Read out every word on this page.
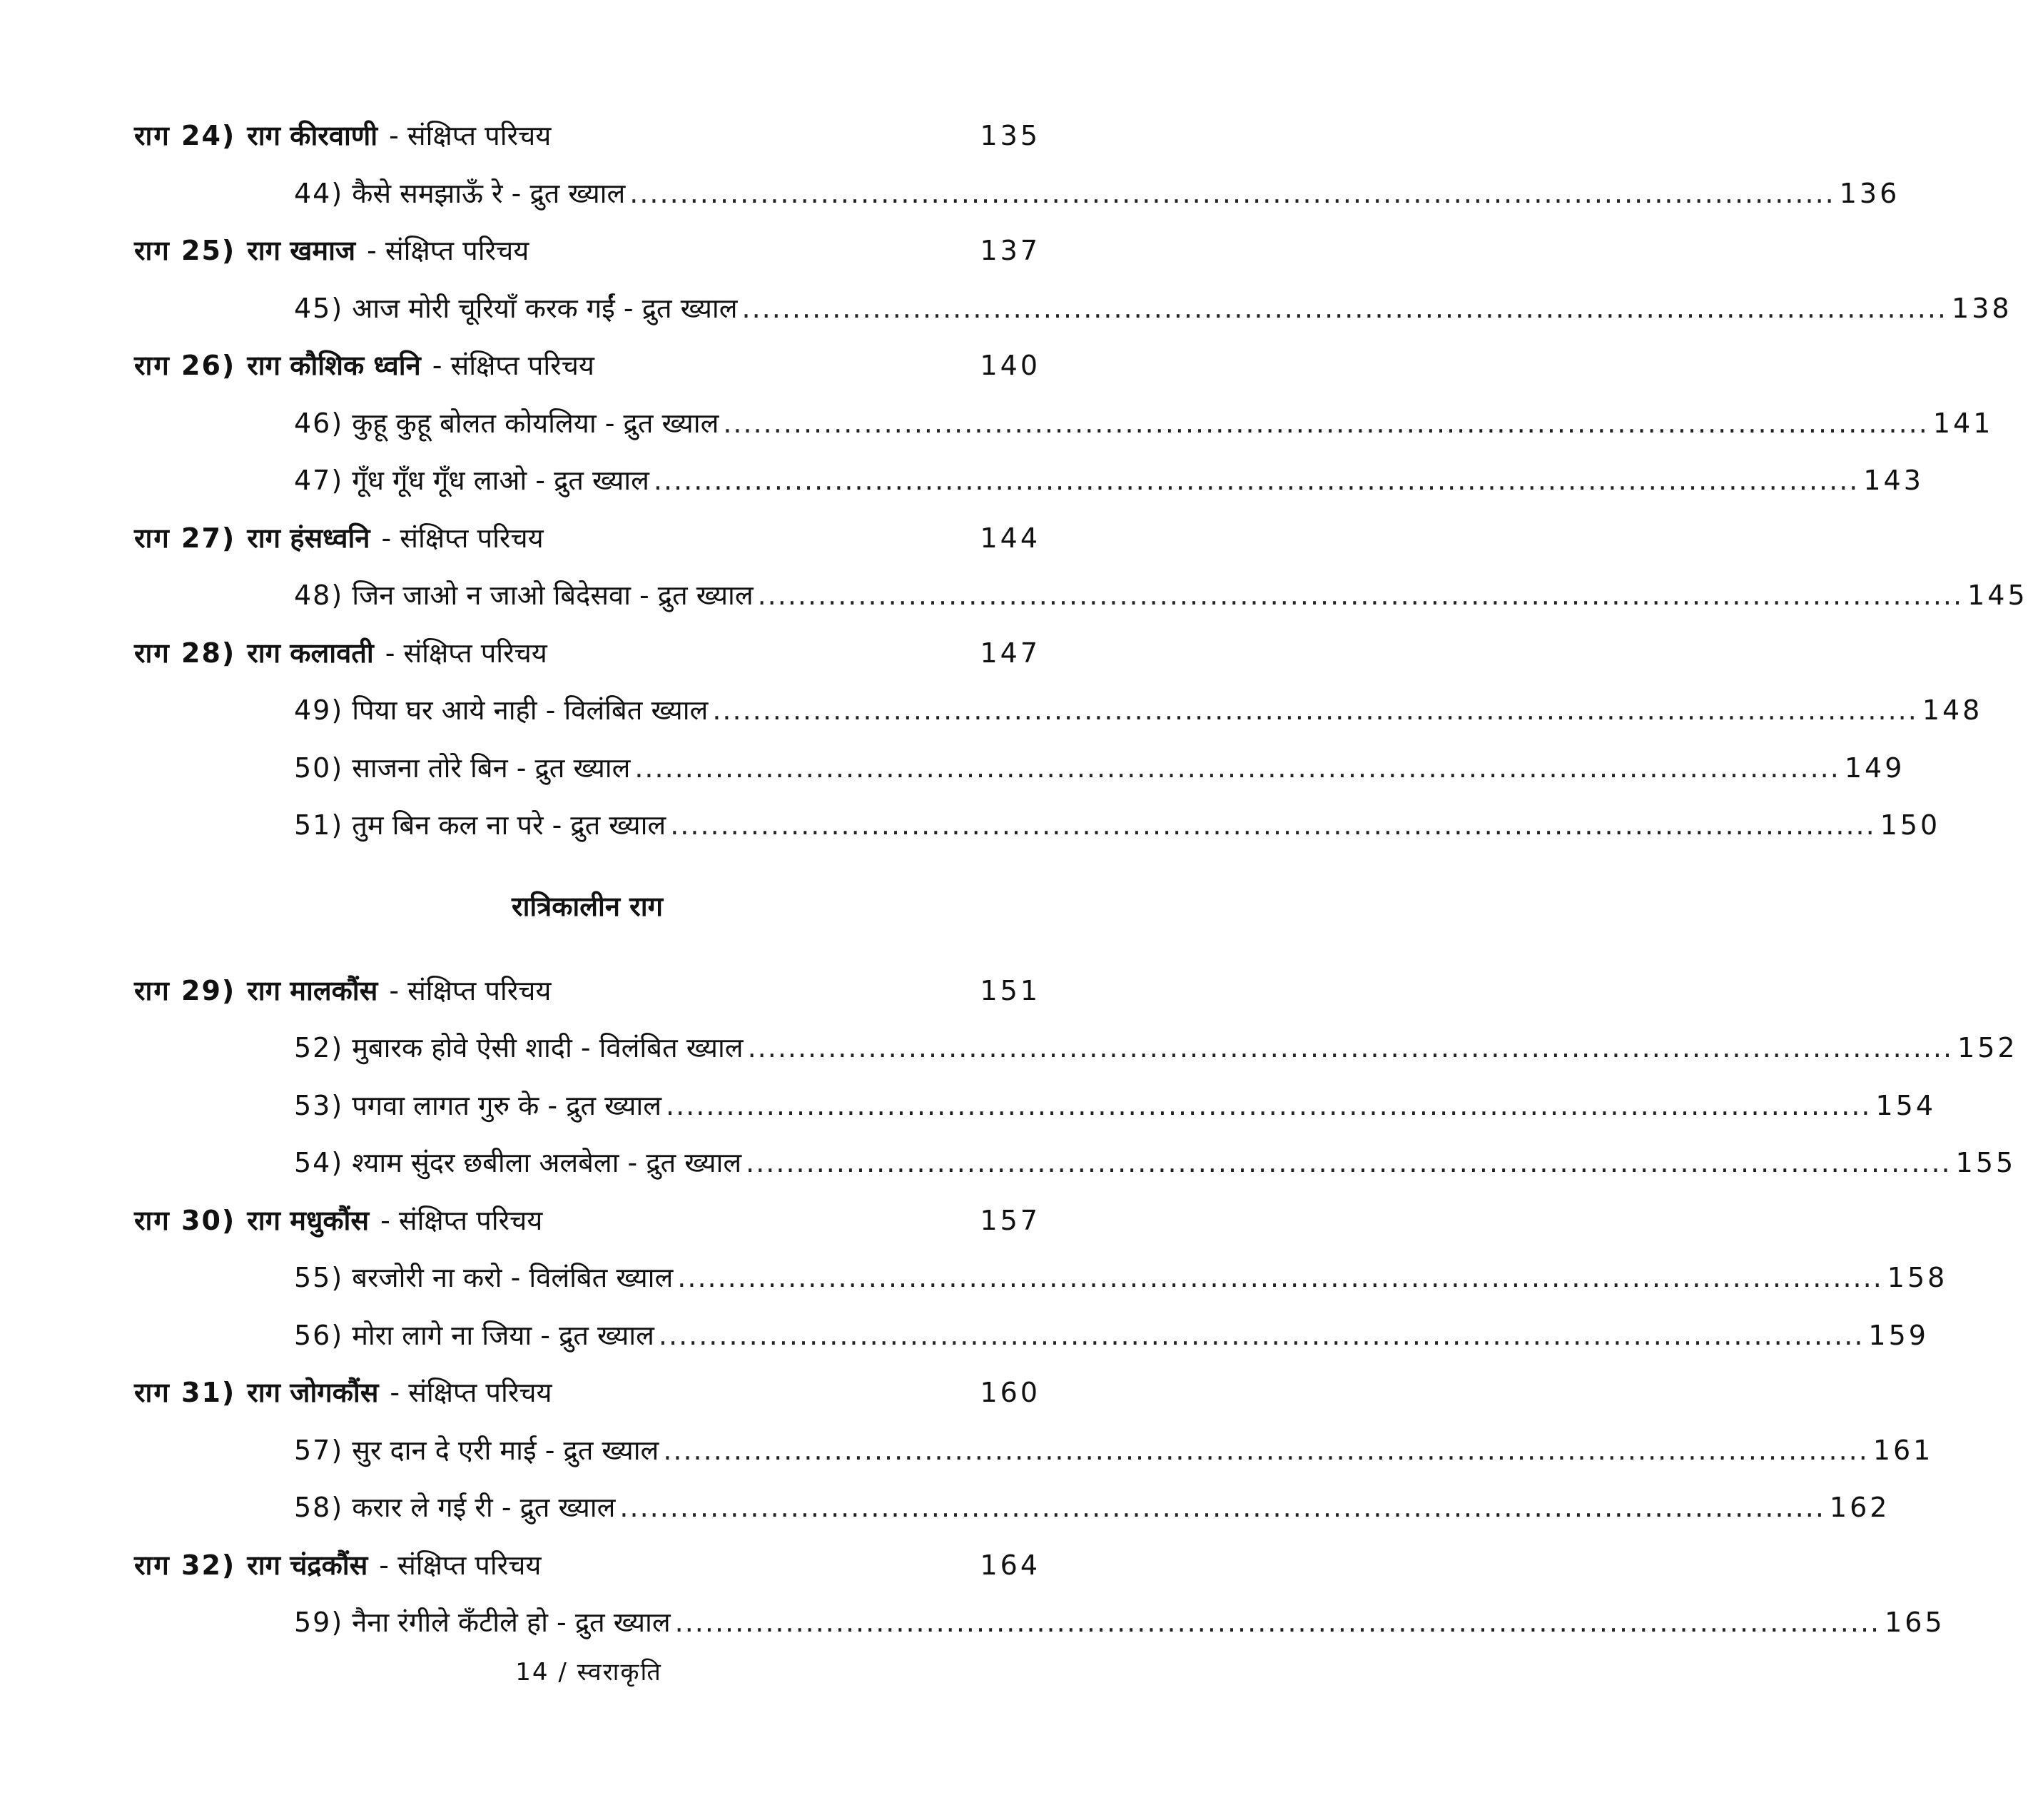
राग 24) राग कीरवाणी - संक्षिप्त परिचय	135
44) कैसे समझाऊँ रे - द्रुत ख्याल ........................................................................................................................ 136
राग 25) राग खमाज - संक्षिप्त परिचय	137
45) आज मोरी चूरियाँ करक गईं - द्रुत ख्याल ........................................................................................................................ 138
राग 26) राग कौशिक ध्वनि - संक्षिप्त परिचय	140
46) कुहू कुहू बोलत कोयलिया - द्रुत ख्याल ........................................................................................................................ 141
47) गूँध गूँध गूँध लाओ - द्रुत ख्याल ........................................................................................................................ 143
राग 27) राग हंसध्वनि - संक्षिप्त परिचय	144
48) जिन जाओ न जाओ बिदेसवा - द्रुत ख्याल ........................................................................................................................ 145
राग 28) राग कलावती - संक्षिप्त परिचय	147
49) पिया घर आये नाही - विलंबित ख्याल ........................................................................................................................ 148
50) साजना तोरे बिन - द्रुत ख्याल ........................................................................................................................ 149
51) तुम बिन कल ना परे - द्रुत ख्याल ........................................................................................................................ 150
रात्रिकालीन राग
राग 29) राग मालकौंस - संक्षिप्त परिचय	151
52) मुबारक होवे ऐसी शादी - विलंबित ख्याल ........................................................................................................................ 152
53) पगवा लागत गुरु के - द्रुत ख्याल ........................................................................................................................ 154
54) श्याम सुंदर छबीला अलबेला - द्रुत ख्याल ........................................................................................................................ 155
राग 30) राग मधुकौंस - संक्षिप्त परिचय	157
55) बरजोरी ना करो - विलंबित ख्याल ........................................................................................................................ 158
56) मोरा लागे ना जिया - द्रुत ख्याल ........................................................................................................................ 159
राग 31) राग जोगकौंस - संक्षिप्त परिचय	160
57) सुर दान दे एरी माई - द्रुत ख्याल ........................................................................................................................ 161
58) करार ले गई री - द्रुत ख्याल ........................................................................................................................ 162
राग 32) राग चंद्रकौंस - संक्षिप्त परिचय	164
59) नैना रंगीले कँटीले हो - द्रुत ख्याल ........................................................................................................................ 165
14 / स्वराकृति
